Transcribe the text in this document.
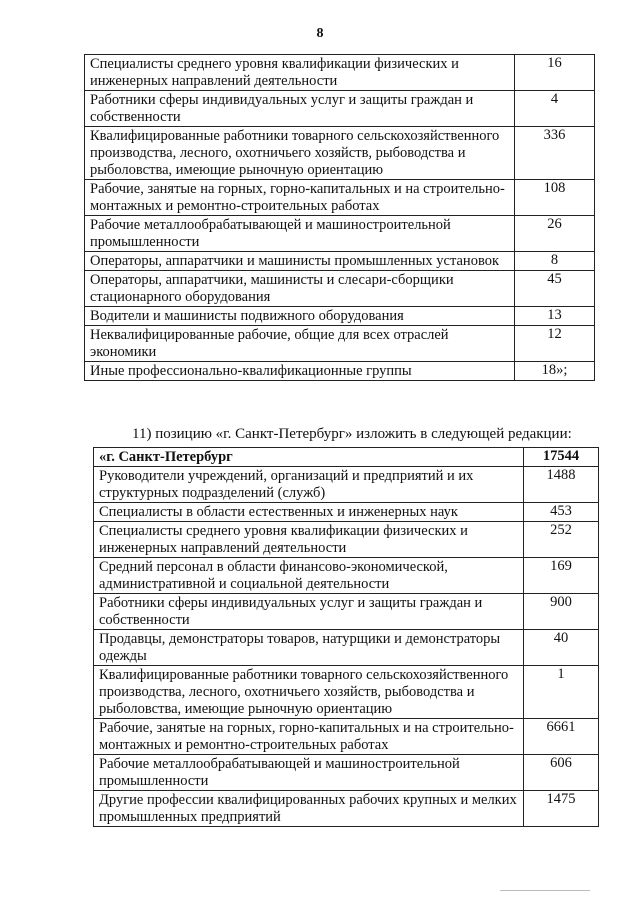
8
Специалисты среднего уровня квалификации физических и инженерных направлений деятельности	16
Работники сферы индивидуальных услуг и защиты граждан и собственности	4
Квалифицированные работники товарного сельскохозяйственного производства, лесного, охотничьего хозяйств, рыбоводства и рыболовства, имеющие рыночную ориентацию	336
Рабочие, занятые на горных, горно-капитальных и на строительно-монтажных и ремонтно-строительных работах	108
Рабочие металлообрабатывающей и машиностроительной промышленности	26
Операторы, аппаратчики и машинисты промышленных установок	8
Операторы, аппаратчики, машинисты и слесари-сборщики стационарного оборудования	45
Водители и машинисты подвижного оборудования	13
Неквалифицированные рабочие, общие для всех отраслей экономики	12
Иные профессионально-квалификационные группы	18»;
11) позицию «г. Санкт-Петербург» изложить в следующей редакции:
«г. Санкт-Петербург	17544
Руководители учреждений, организаций и предприятий и их структурных подразделений (служб)	1488
Специалисты в области естественных и инженерных наук	453
Специалисты среднего уровня квалификации физических и инженерных направлений деятельности	252
Средний персонал в области финансово-экономической, административной и социальной деятельности	169
Работники сферы индивидуальных услуг и защиты граждан и собственности	900
Продавцы, демонстраторы товаров, натурщики и демонстраторы одежды	40
Квалифицированные работники товарного сельскохозяйственного производства, лесного, охотничьего хозяйств, рыбоводства и рыболовства, имеющие рыночную ориентацию	1
Рабочие, занятые на горных, горно-капитальных и на строительно-монтажных и ремонтно-строительных работах	6661
Рабочие металлообрабатывающей и машиностроительной промышленности	606
Другие профессии квалифицированных рабочих крупных и мелких промышленных предприятий	1475
